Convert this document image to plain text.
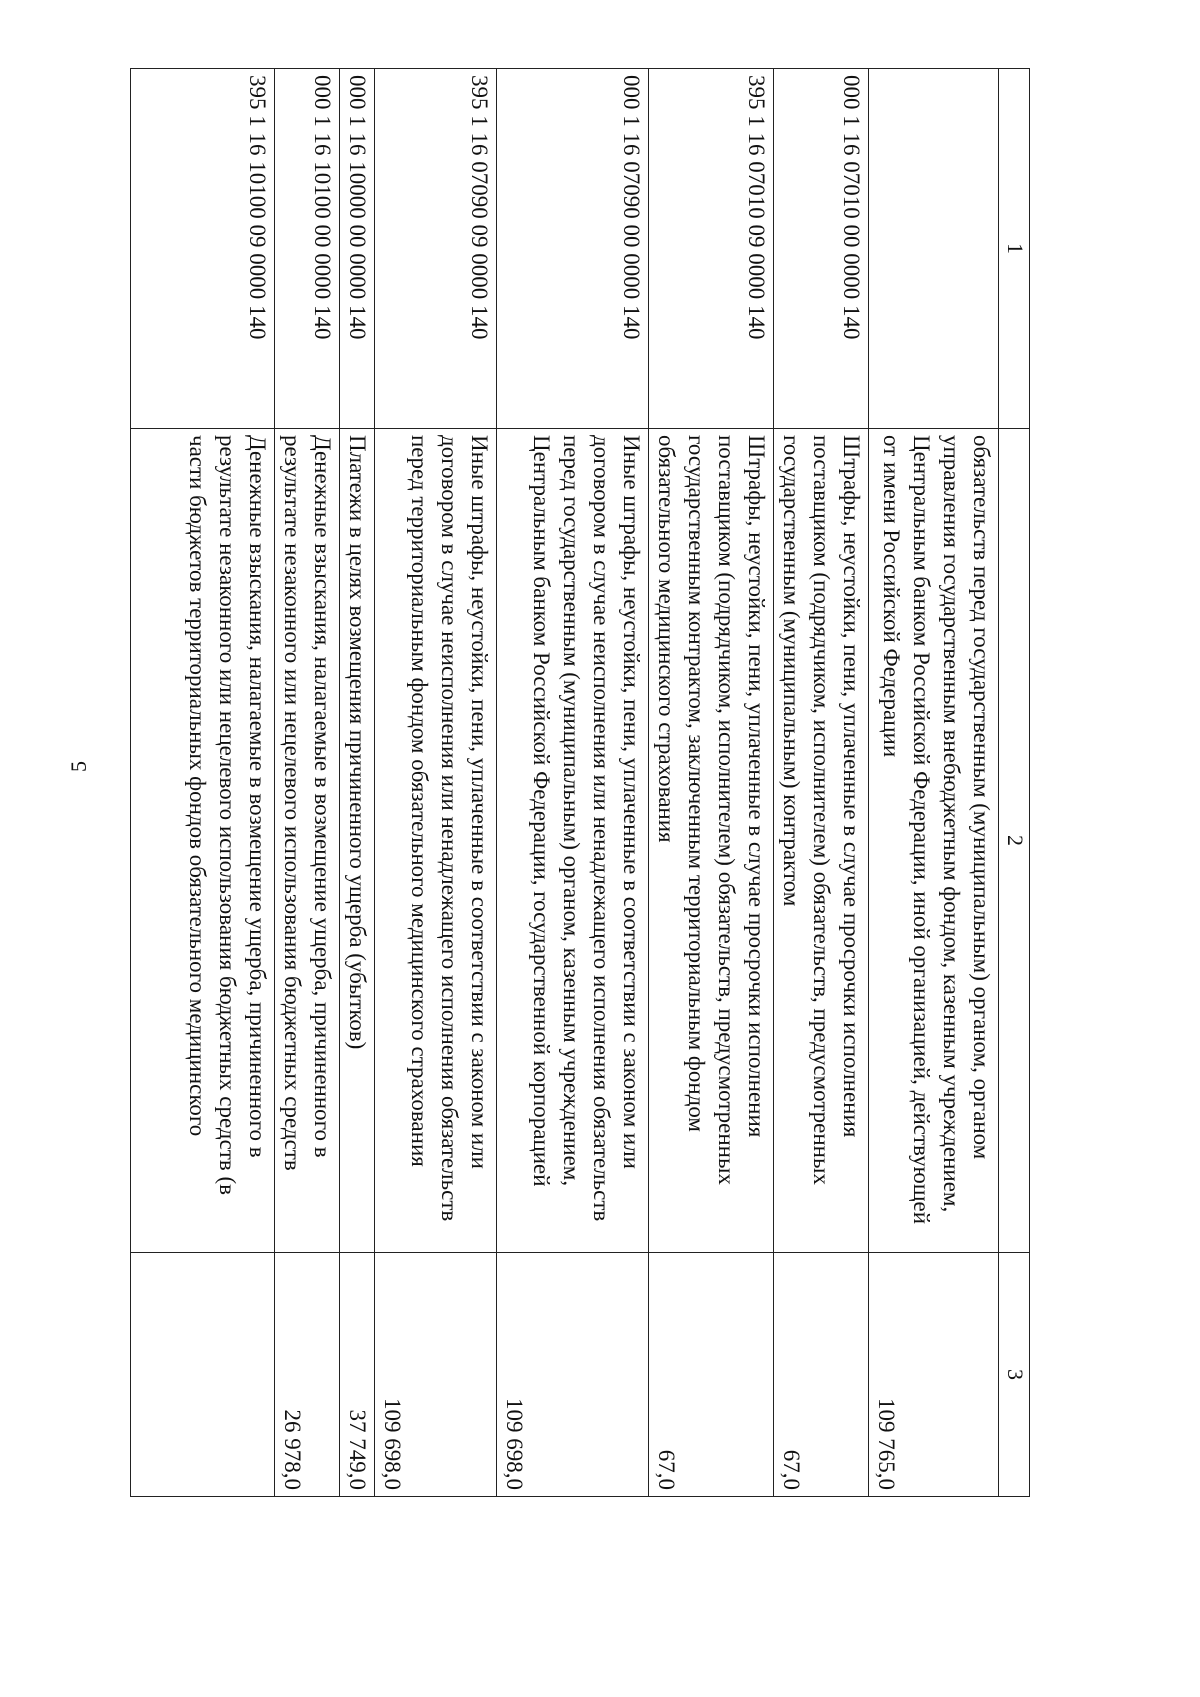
5
1	2	3
	обязательств перед государственным (муниципальным) органом, органом управления государственным внебюджетным фондом, казенным учреждением, Центральным банком Российской Федерации, иной организацией, действующей от имени Российской Федерации	109 765,0
000 1 16 07010 00 0000 140	Штрафы, неустойки, пени, уплаченные в случае просрочки исполнения поставщиком (подрядчиком, исполнителем) обязательств, предусмотренных государственным (муниципальным) контрактом	67,0
395 1 16 07010 09 0000 140	Штрафы, неустойки, пени, уплаченные в случае просрочки исполнения поставщиком (подрядчиком, исполнителем) обязательств, предусмотренных государственным контрактом, заключенным территориальным фондом обязательного медицинского страхования	67,0
000 1 16 07090 00 0000 140	Иные штрафы, неустойки, пени, уплаченные в соответствии с законом или договором в случае неисполнения или ненадлежащего исполнения обязательств перед государственным (муниципальным) органом, казенным учреждением, Центральным банком Российской Федерации, государственной корпорацией	109 698,0
395 1 16 07090 09 0000 140	Иные штрафы, неустойки, пени, уплаченные в соответствии с законом или договором в случае неисполнения или ненадлежащего исполнения обязательств перед территориальным фондом обязательного медицинского страхования	109 698,0
000 1 16 10000 00 0000 140	Платежи в целях возмещения причиненного ущерба (убытков)	37 749,0
000 1 16 10100 00 0000 140	Денежные взыскания, налагаемые в возмещение ущерба, причиненного в результате незаконного или нецелевого использования бюджетных средств	26 978,0
395 1 16 10100 09 0000 140	Денежные взыскания, налагаемые в возмещение ущерба, причиненного в результате незаконного или нецелевого использования бюджетных средств (в части бюджетов территориальных фондов обязательного медицинского	
